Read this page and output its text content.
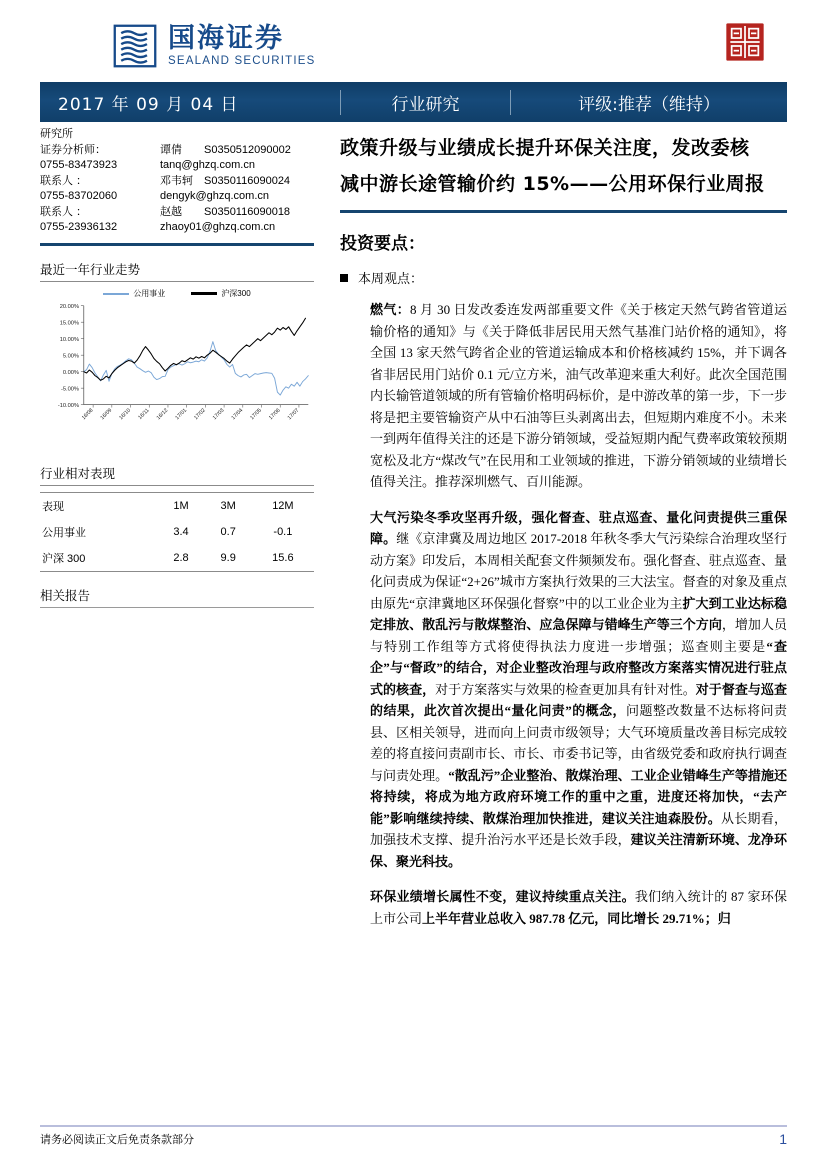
国海证券
SEALAND SECURITIES
2017 年 09 月 04 日	行业研究	评级:推荐（维持）
研究所
证券分析师：	谭倩 S0350512090002
0755-83473923	tanq@ghzq.com.cn
联系人 ：	邓韦轲 S0350116090024
0755-83702060	dengyk@ghzq.com.cn
联系人 ：	赵越 S0350116090018
0755-23936132	zhaoy01@ghzq.com.cn
最近一年行业走势
公用事业	沪深300
20.00%
15.00%
10.00%
5.00%
0.00%
-5.00%
-10.00%
16/08 16/09 16/10 16/11 16/12 17/01 17/02 17/03 17/04 17/05 17/06 17/07
行业相对表现
表现	1M	3M	12M
公用事业	3.4	0.7	-0.1
沪深 300	2.8	9.9	15.6
相关报告
政策升级与业绩成长提升环保关注度，发改委核
减中游长途管输价约 15%——公用环保行业周报
投资要点：
本周观点：

燃气：8 月 30 日发改委连发两部重要文件《关于核定天然气跨省管道运输价格的通知》与《关于降低非居民用天然气基准门站价格的通知》，将全国 13 家天然气跨省企业的管道运输成本和价格核减约 15%，并下调各省非居民用门站价 0.1 元/立方米，油气改革迎来重大利好。此次全国范围内长输管道领域的所有管输价格明码标价，是中游改革的第一步，下一步将是把主要管输资产从中石油等巨头剥离出去，但短期内难度不小。未来一到两年值得关注的还是下游分销领域，受益短期内配气费率政策较预期宽松及北方“煤改气”在民用和工业领域的推进，下游分销领域的业绩增长值得关注。推荐深圳燃气、百川能源。

大气污染冬季攻坚再升级，强化督查、驻点巡查、量化问责提供三重保障。继《京津冀及周边地区 2017-2018 年秋冬季大气污染综合治理攻坚行动方案》印发后，本周相关配套文件频频发布。强化督查、驻点巡查、量化问责成为保证“2+26”城市方案执行效果的三大法宝。督查的对象及重点由原先“京津冀地区环保强化督察”中的以工业企业为主扩大到工业达标稳定排放、散乱污与散煤整治、应急保障与错峰生产等三个方向，增加人员与特别工作组等方式将使得执法力度进一步增强；巡查则主要是“查企”与“督政”的结合，对企业整改治理与政府整改方案落实情况进行驻点式的核查，对于方案落实与效果的检查更加具有针对性。对于督查与巡查的结果，此次首次提出“量化问责”的概念，问题整改数量不达标将问责县、区相关领导，进而向上问责市级领导；大气环境质量改善目标完成较差的将直接问责副市长、市长、市委书记等，由省级党委和政府执行调查与问责处理。“散乱污”企业整治、散煤治理、工业企业错峰生产等措施还将持续，将成为地方政府环境工作的重中之重，进度还将加快，“去产能”影响继续持续、散煤治理加快推进，建议关注迪森股份。从长期看，加强技术支撑、提升治污水平还是长效手段，建议关注清新环境、龙净环保、聚光科技。

环保业绩增长属性不变，建议持续重点关注。我们纳入统计的 87 家环保上市公司上半年营业总收入 987.78 亿元，同比增长 29.71%；归

请务必阅读正文后免责条款部分	1
